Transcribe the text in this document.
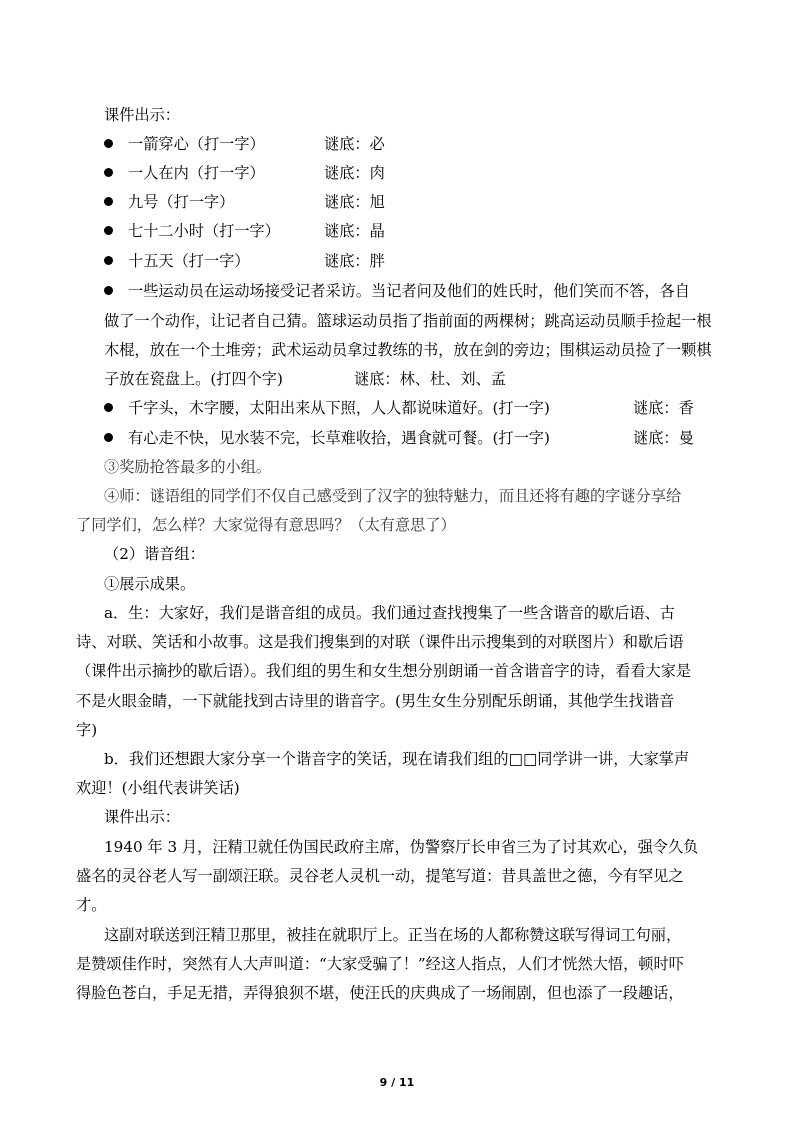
课件出示：
一箭穿心（打一字）	谜底：必
一人在内（打一字）	谜底：肉
九号（打一字）	谜底：旭
七十二小时（打一字）	谜底：晶
十五天（打一字）	谜底：胖
一些运动员在运动场接受记者采访。当记者问及他们的姓氏时，他们笑而不答，各自
做了一个动作，让记者自己猜。篮球运动员指了指前面的两棵树；跳高运动员顺手捡起一根
木棍，放在一个土堆旁；武术运动员拿过教练的书，放在剑的旁边；围棋运动员捡了一颗棋
子放在瓷盘上。(打四个字)	谜底：林、杜、刘、孟
千字头，木字腰，太阳出来从下照，人人都说味道好。(打一字)	谜底：香
有心走不快，见水装不完，长草难收拾，遇食就可餐。(打一字)	谜底：曼
③奖励抢答最多的小组。
④师：谜语组的同学们不仅自己感受到了汉字的独特魅力，而且还将有趣的字谜分享给
了同学们，怎么样？大家觉得有意思吗？（太有意思了）
（2）谐音组：
①展示成果。
a．生：大家好，我们是谐音组的成员。我们通过查找搜集了一些含谐音的歇后语、古
诗、对联、笑话和小故事。这是我们搜集到的对联（课件出示搜集到的对联图片）和歇后语
（课件出示摘抄的歇后语）。我们组的男生和女生想分别朗诵一首含谐音字的诗，看看大家是
不是火眼金睛，一下就能找到古诗里的谐音字。(男生女生分别配乐朗诵，其他学生找谐音
字)
b．我们还想跟大家分享一个谐音字的笑话，现在请我们组的□□同学讲一讲，大家掌声
欢迎！(小组代表讲笑话)
课件出示：
1940 年 3 月，汪精卫就任伪国民政府主席，伪警察厅长申省三为了讨其欢心，强令久负
盛名的灵谷老人写一副颂汪联。灵谷老人灵机一动，提笔写道：昔具盖世之德，今有罕见之
才。
这副对联送到汪精卫那里，被挂在就职厅上。正当在场的人都称赞这联写得词工句丽，
是赞颂佳作时，突然有人大声叫道：“大家受骗了！”经这人指点，人们才恍然大悟，顿时吓
得脸色苍白，手足无措，弄得狼狈不堪，使汪氏的庆典成了一场闹剧，但也添了一段趣话，
9 / 11
